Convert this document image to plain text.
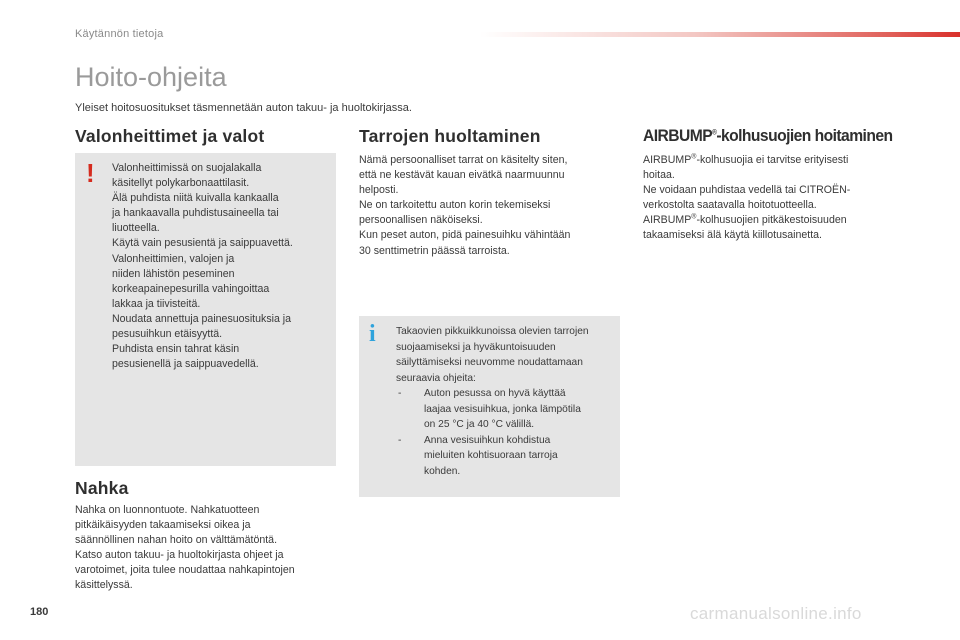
Käytännön tietoja
Hoito-ohjeita
Yleiset hoitosuositukset täsmennetään auton takuu- ja huoltokirjassa.
Valonheittimet ja valot
! Valonheittimissä on suojalakalla

käsitellyt polykarbonaattilasit.

Älä puhdista niitä kuivalla kankaalla

ja hankaavalla puhdistusaineella tai

liuotteella.

Käytä vain pesusientä ja saippuavettä.

Valonheittimien, valojen ja

niiden lähistön peseminen

korkeapainepesurilla vahingoittaa

lakkaa ja tiivisteitä.

Noudata annettuja painesuosituksia ja

pesusuihkun etäisyyttä.

Puhdista ensin tahrat käsin

pesusienellä ja saippuavedellä.

Nahka

Nahka on luonnontuote. Nahkatuotteen

pitkäikäisyyden takaamiseksi oikea ja

säännöllinen nahan hoito on välttämätöntä.

Katso auton takuu- ja huoltokirjasta ohjeet ja

varotoimet, joita tulee noudattaa nahkapintojen

käsittelyssä.

Tarrojen huoltaminen

Nämä persoonalliset tarrat on käsitelty siten,

että ne kestävät kauan eivätkä naarmuunnu

helposti.

Ne on tarkoitettu auton korin tekemiseksi

persoonallisen näköiseksi.

Kun peset auton, pidä painesuihku vähintään

30 senttimetrin päässä tarroista.

i Takaovien pikkuikkunoissa olevien tarrojen

suojaamiseksi ja hyväkuntoisuuden

säilyttämiseksi neuvomme noudattamaan

seuraavia ohjeita:

-	Auton pesussa on hyvä käyttää
laajaa vesisuihkua, jonka lämpötila
on 25 °C ja 40 °C välillä.
-	Anna vesisuihkun kohdistua
mieluiten kohtisuoraan tarroja
kohden.
AIRBUMP®-kolhusuojien hoitaminen

AIRBUMP®-kolhusuojia ei tarvitse erityisesti

hoitaa.

Ne voidaan puhdistaa vedellä tai CITROËN-

verkostolta saatavalla hoitotuotteella.

AIRBUMP®-kolhusuojien pitkäkestoisuuden

takaamiseksi älä käytä kiillotusainetta.

180	carmanualsonline.info
